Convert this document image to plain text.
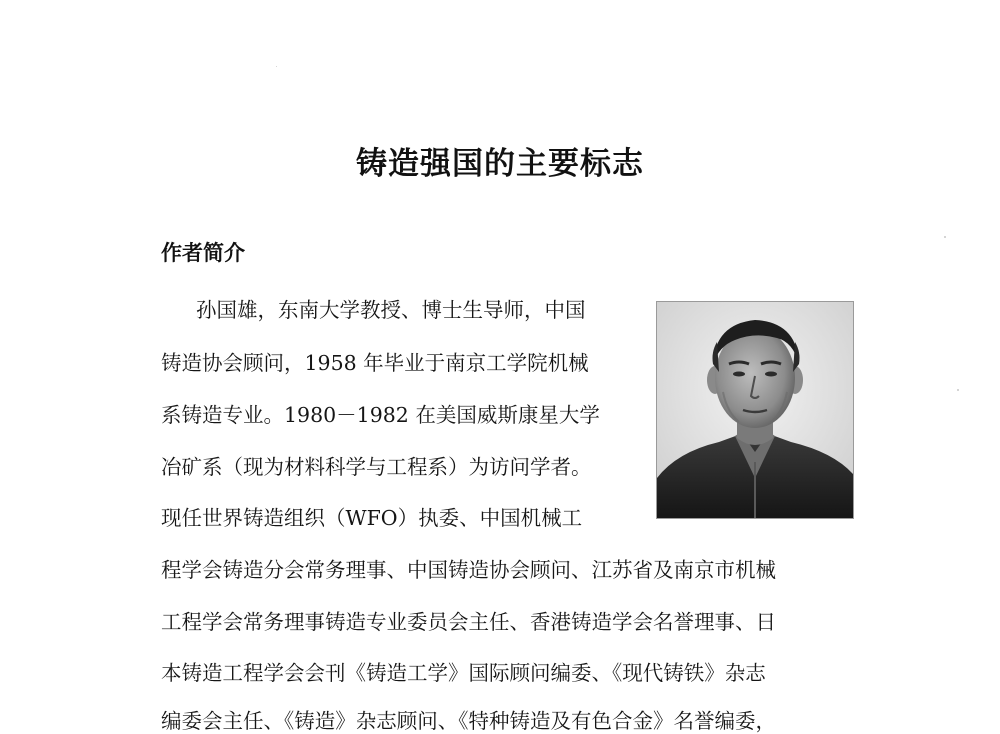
铸造强国的主要标志
作者简介
孙国雄，东南大学教授、博士生导师，中国
铸造协会顾问，1958 年毕业于南京工学院机械
系铸造专业。1980－1982 在美国威斯康星大学
冶矿系（现为材料科学与工程系）为访问学者。
现任世界铸造组织（WFO）执委、中国机械工
程学会铸造分会常务理事、中国铸造协会顾问、江苏省及南京市机械
工程学会常务理事铸造专业委员会主任、香港铸造学会名誉理事、日
本铸造工程学会会刊《铸造工学》国际顾问编委、《现代铸铁》杂志
编委会主任、《铸造》杂志顾问、《特种铸造及有色合金》名誉编委，
